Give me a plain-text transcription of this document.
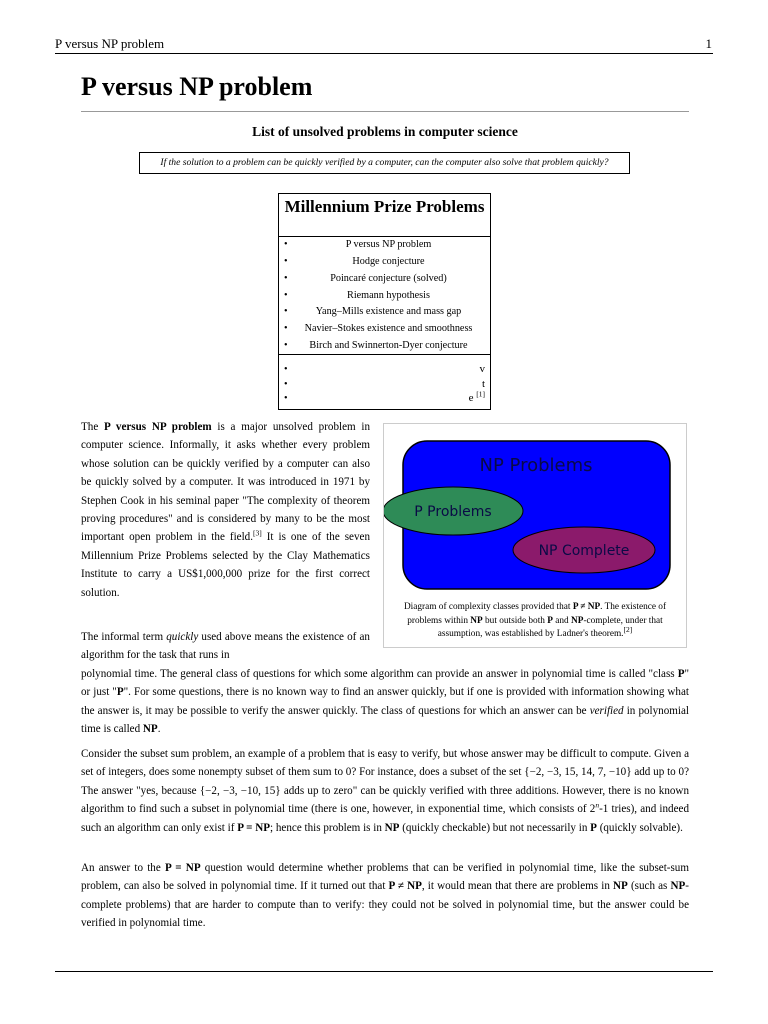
P versus NP problem	1
P versus NP problem
List of unsolved problems in computer science
If the solution to a problem can be quickly verified by a computer, can the computer also solve that problem quickly?
Millennium Prize Problems
•	P versus NP problem
•	Hodge conjecture
•	Poincaré conjecture (solved)
•	Riemann hypothesis
•	Yang–Mills existence and mass gap
•	Navier–Stokes existence and smoothness
•	Birch and Swinnerton-Dyer conjecture
•	v
•	t
•	e [1]

The P versus NP problem is a major unsolved problem in computer science. Informally, it asks whether every problem whose solution can be quickly verified by a computer can also be quickly solved by a computer. It was introduced in 1971 by Stephen Cook in his seminal paper "The complexity of theorem proving procedures" and is considered by many to be the most important open problem in the field.[3] It is one of the seven Millennium Prize Problems selected by the Clay Mathematics Institute to carry a US$1,000,000 prize for the first correct solution.

NP Problems
P Problems
NP Complete
Diagram of complexity classes provided that P ≠ NP. The existence of problems within NP but outside both P and NP-complete, under that assumption, was established by Ladner's theorem.[2]

The informal term quickly used above means the existence of an algorithm for the task that runs in

polynomial time. The general class of questions for which some algorithm can provide an answer in polynomial time is called "class P" or just "P". For some questions, there is no known way to find an answer quickly, but if one is provided with information showing what the answer is, it may be possible to verify the answer quickly. The class of questions for which an answer can be verified in polynomial time is called NP.

Consider the subset sum problem, an example of a problem that is easy to verify, but whose answer may be difficult to compute. Given a set of integers, does some nonempty subset of them sum to 0? For instance, does a subset of the set {−2, −3, 15, 14, 7, −10} add up to 0? The answer "yes, because {−2, −3, −10, 15} adds up to zero" can be quickly verified with three additions. However, there is no known algorithm to find such a subset in polynomial time (there is one, however, in exponential time, which consists of 2$^n$-1 tries), and indeed such an algorithm can only exist if P = NP; hence this problem is in NP (quickly checkable) but not necessarily in P (quickly solvable).

An answer to the P = NP question would determine whether problems that can be verified in polynomial time, like the subset-sum problem, can also be solved in polynomial time. If it turned out that P ≠ NP, it would mean that there are problems in NP (such as NP-complete problems) that are harder to compute than to verify: they could not be solved in polynomial time, but the answer could be verified in polynomial time.
